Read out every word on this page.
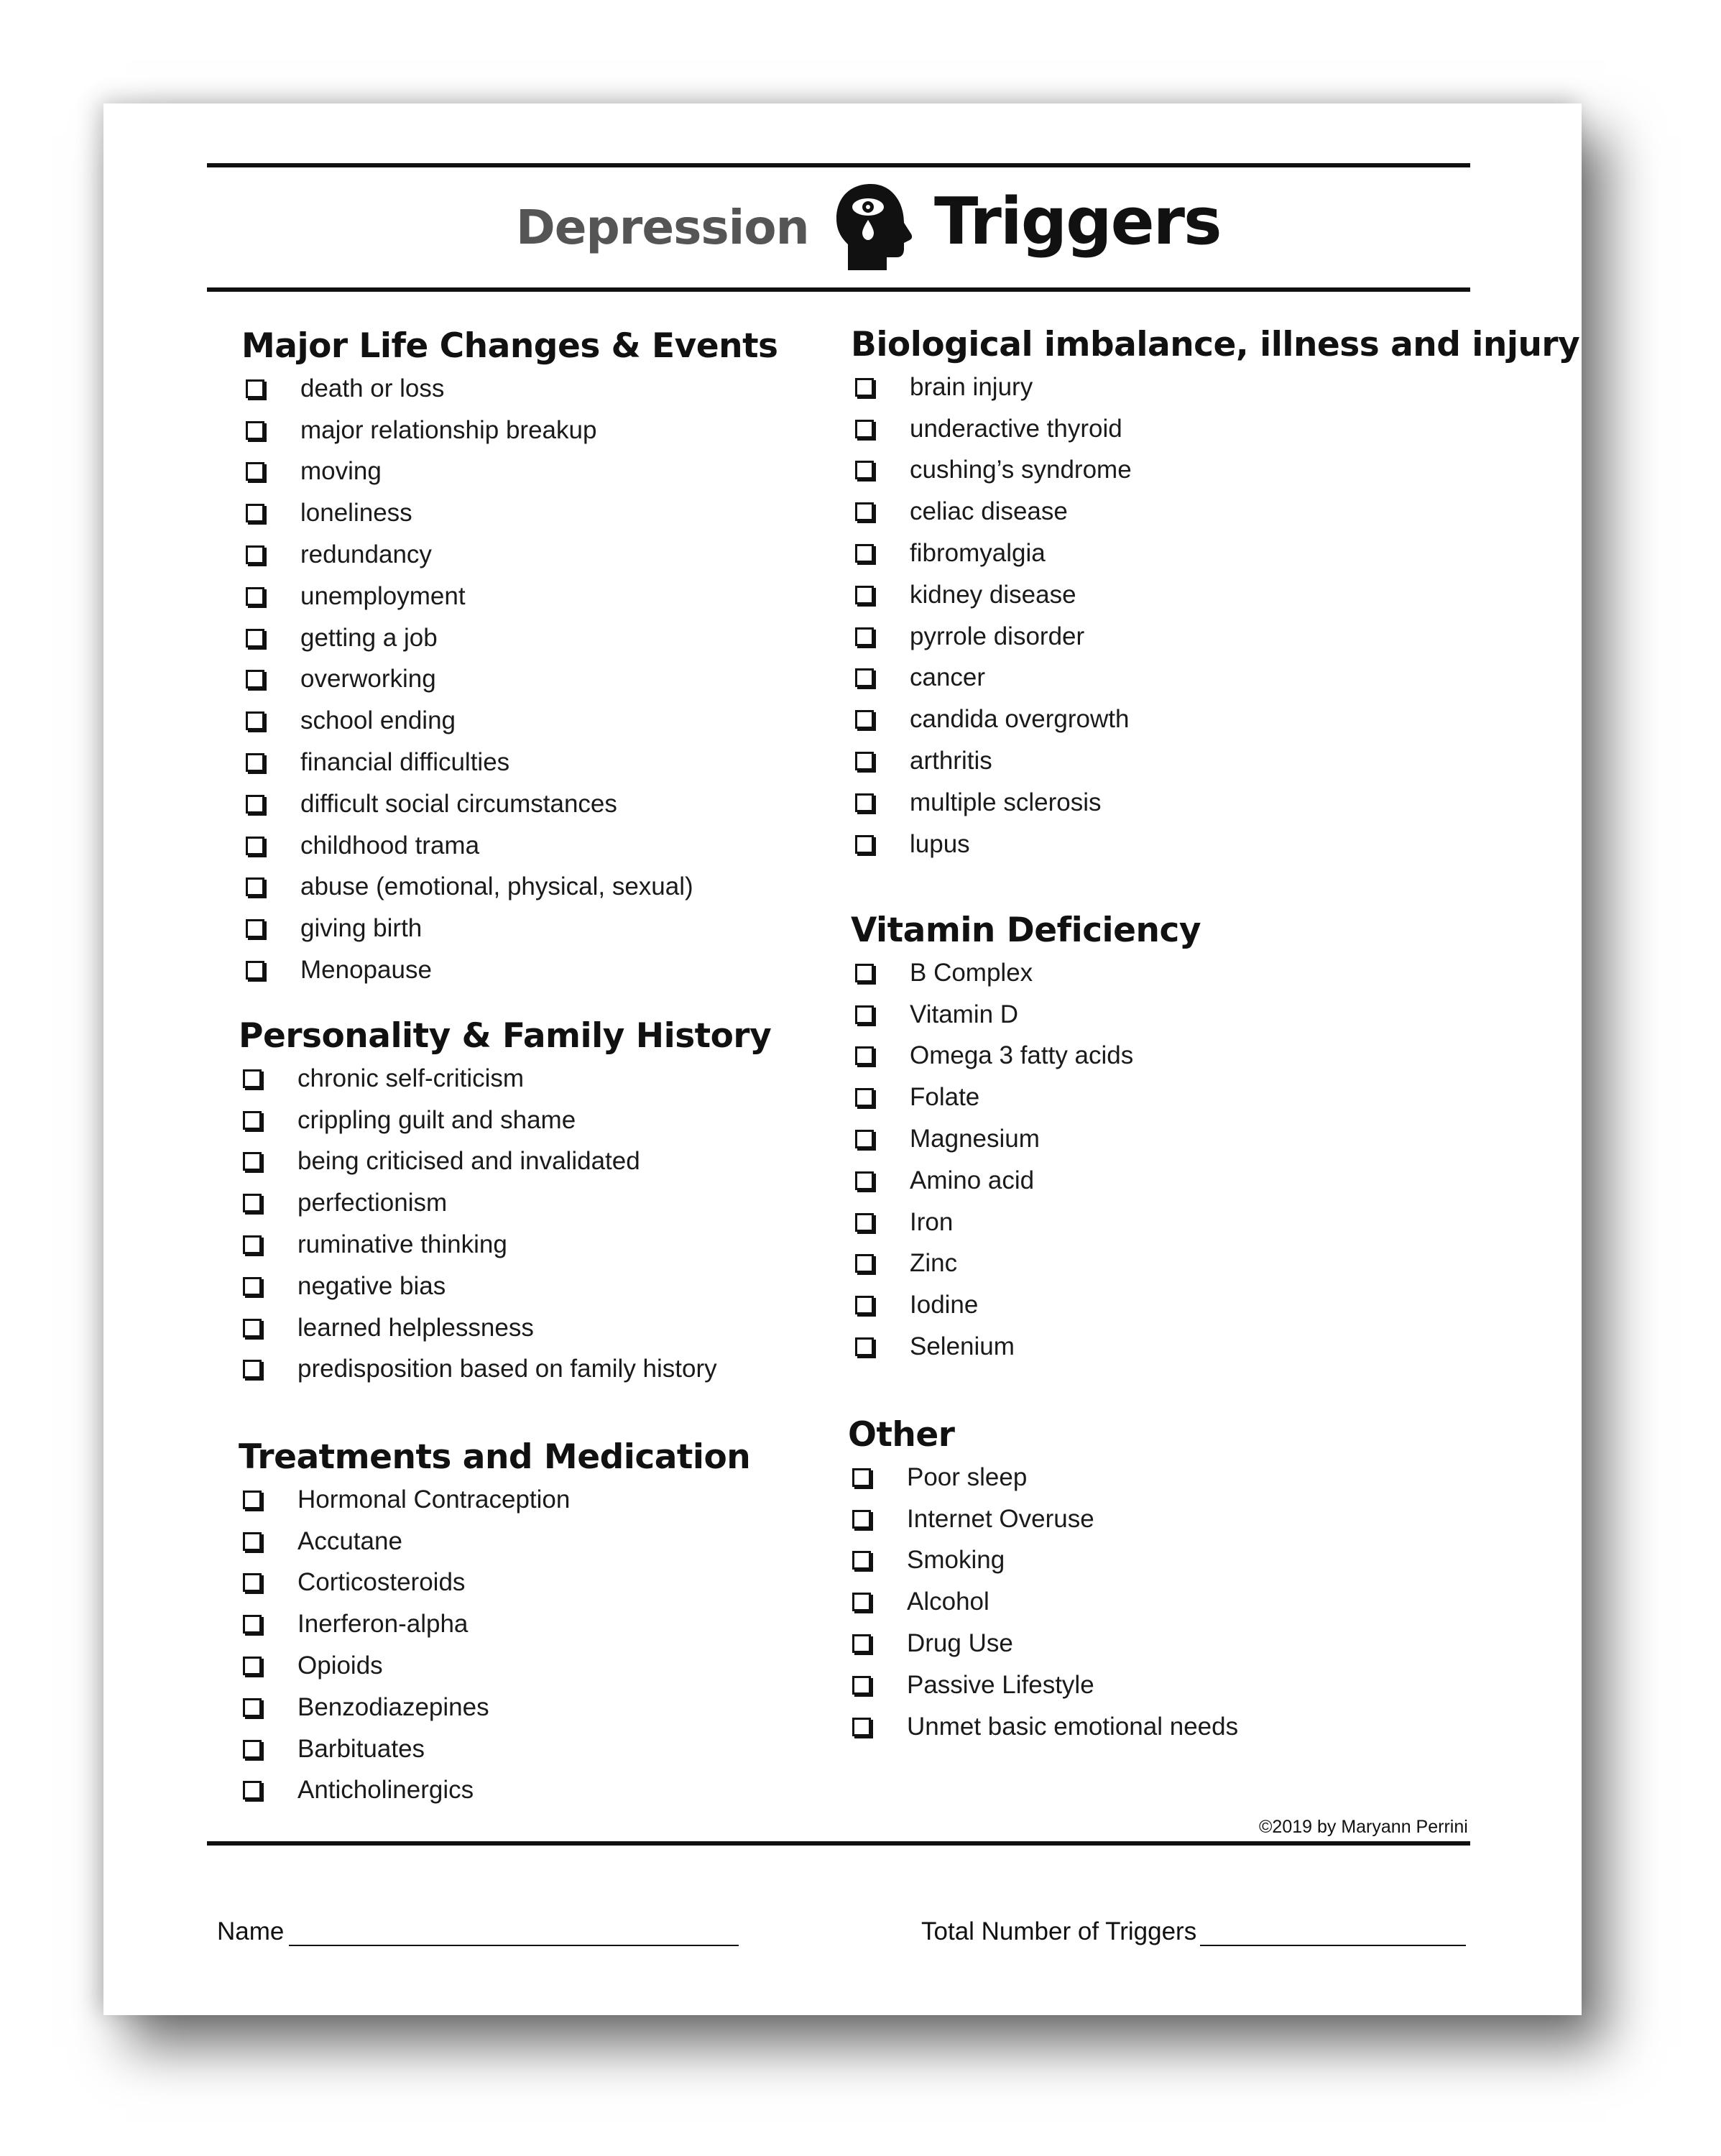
Depression Triggers
Major Life Changes & Events
death or loss
major relationship breakup
moving
loneliness
redundancy
unemployment
getting a job
overworking
school ending
financial difficulties
difficult social circumstances
childhood trama
abuse (emotional, physical, sexual)
giving birth
Menopause
Personality & Family History
chronic self-criticism
crippling guilt and shame
being criticised and invalidated
perfectionism
ruminative thinking
negative bias
learned helplessness
predisposition based on family history
Treatments and Medication
Hormonal Contraception
Accutane
Corticosteroids
Inerferon-alpha
Opioids
Benzodiazepines
Barbituates
Anticholinergics
Biological imbalance, illness and injury
brain injury
underactive thyroid
cushing’s syndrome
celiac disease
fibromyalgia
kidney disease
pyrrole disorder
cancer
candida overgrowth
arthritis
multiple sclerosis
lupus
Vitamin Deficiency
B Complex
Vitamin D
Omega 3 fatty acids
Folate
Magnesium
Amino acid
Iron
Zinc
Iodine
Selenium
Other
Poor sleep
Internet Overuse
Smoking
Alcohol
Drug Use
Passive Lifestyle
Unmet basic emotional needs
©2019 by Maryann Perrini
Name	Total Number of Triggers
